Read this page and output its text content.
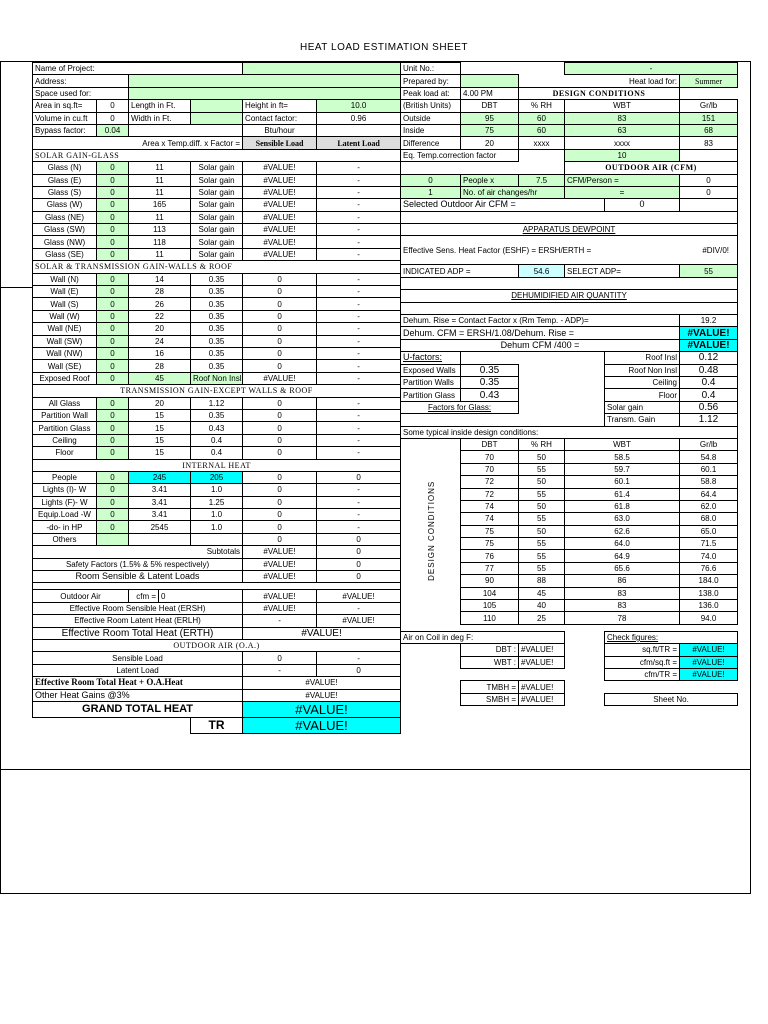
HEAT LOAD ESTIMATION SHEET
Name of Project:						
Address:						
Space used for:						
Area in sq.ft=	0	Length in Ft.			Height in ft=	10.0
Volume in cu.ft	0	Width in Ft.			Contact factor:	0.96
Bypass factor:	0.04				Btu/hour	
Area x Temp.diff. x Factor =					Sensible Load	Latent Load
SOLAR GAIN-GLASS						
Glass (N)	0	11		Solar gain	#VALUE!	-
Glass (E)	0	11		Solar gain	#VALUE!	-
Glass (S)	0	11		Solar gain	#VALUE!	-
Glass (W)	0	165		Solar gain	#VALUE!	-
Glass (NE)	0	11		Solar gain	#VALUE!	-
Glass (SW)	0	113		Solar gain	#VALUE!	-
Glass (NW)	0	118		Solar gain	#VALUE!	-
Glass (SE)	0	11		Solar gain	#VALUE!	-
SOLAR & TRANSMISSION GAIN-WALLS & ROOF						
Wall (N)	0	14		0.35	0	-
Wall (E)	0	28		0.35	0	-
Wall (S)	0	26		0.35	0	-
Wall (W)	0	22		0.35	0	-
Wall (NE)	0	20		0.35	0	-
Wall (SW)	0	24		0.35	0	-
Wall (NW)	0	16		0.35	0	-
Wall (SE)	0	28		0.35	0	-
Exposed Roof	0	45		Roof Non Insl	#VALUE!	-
TRANSMISSION GAIN-EXCEPT WALLS & ROOF						
All Glass	0	20		1.12	0	-
Partition Wall	0	15		0.35	0	-
Partition Glass	0	15		0.43	0	-
Ceiling	0	15		0.4	0	-
Floor	0	15		0.4	0	-
INTERNAL HEAT						
People	0	245		205	0	0
Lights (I)- W	0	3.41		1.0	0	-
Lights (F)- W	0	3.41		1.25	0	-
Equip.Load -W	0	3.41		1.0	0	-
-do- in HP	0	2545		1.0	0	-
Others					0	0
Subtotals					#VALUE!	0
Safety Factors (1.5% & 5% respectively)					#VALUE!	0
Room Sensible & Latent Loads					#VALUE!	0

Outdoor Air		cfm =	0		#VALUE!	#VALUE!
Effective Room Sensible Heat (ERSH)					#VALUE!	-
Effective Room Latent Heat (ERLH)					-	#VALUE!
Effective Room Total Heat (ERTH)					#VALUE!	
OUTDOOR AIR (O.A.)						
Sensible Load					0	-
Latent Load					-	0
Effective Room Total Heat + O.A.Heat					#VALUE!	
Other Heat Gains @3%					#VALUE!	
GRAND TOTAL HEAT					#VALUE!	
				TR	#VALUE!	
Unit No.:			-		
Prepared by:		Heat load for:			Summer
Peak load at:	4.00 PM	DESIGN CONDITIONS			
(British Units)	DBT	% RH	WBT		Gr/lb
Outside	95	60	83		151
Inside	75	60	63		68
Difference	20	xxxx	xxxx		83
Eq. Temp.correction factor			10		
			OUTDOOR AIR (CFM)		
0	People x	7.5	CFM/Person =		0
1	No. of air changes/hr		=		0
Selected Outdoor Air CFM =				0	

APPARATUS DEWPOINT					
Effective Sens. Heat Factor (ESHF) = ERSH/ERTH = #DIV/0!					

INDICATED ADP =		54.6	SELECT ADP=		55

DEHUMIDIFIED AIR QUANTITY					

Dehum. Rise = Contact Factor x (Rm Temp. - ADP)=					19.2
Dehum. CFM = ERSH/1.08/Dehum. Rise =					#VALUE!
Dehum CFM /400 =					#VALUE!
U-factors:				Roof Insl	0.12
Exposed Walls	0.35			Roof Non Insl	0.48
Partition Walls	0.35			Ceiling	0.4
Partition Glass	0.43			Floor	0.4
Factors for Glass:				Solar gain	0.56
				Transm. Gain	1.12
Some typical inside design conditions:					
DESIGN CONDITIONS	DBT	% RH	WBT		Gr/lb
	70	50	58.5		54.8
	70	55	59.7		60.1
	72	50	60.1		58.8
	72	55	61.4		64.4
	74	50	61.8		62.0
	74	55	63.0		68.0
	75	50	62.6		65.0
	75	55	64.0		71.5
	76	55	64.9		74.0
	77	55	65.6		76.6
	90	88	86		184.0
	104	45	83		138.0
	105	40	83		136.0
	110	25	78		94.0

Air on Coil in deg F:				Check figures:	
	DBT :	#VALUE!		sq.ft/TR =	#VALUE!
	WBT :	#VALUE!		cfm/sq.ft =	#VALUE!
				cfm/TR =	#VALUE!
	TMBH =	#VALUE!			
	SMBH =	#VALUE!		Sheet No.	
